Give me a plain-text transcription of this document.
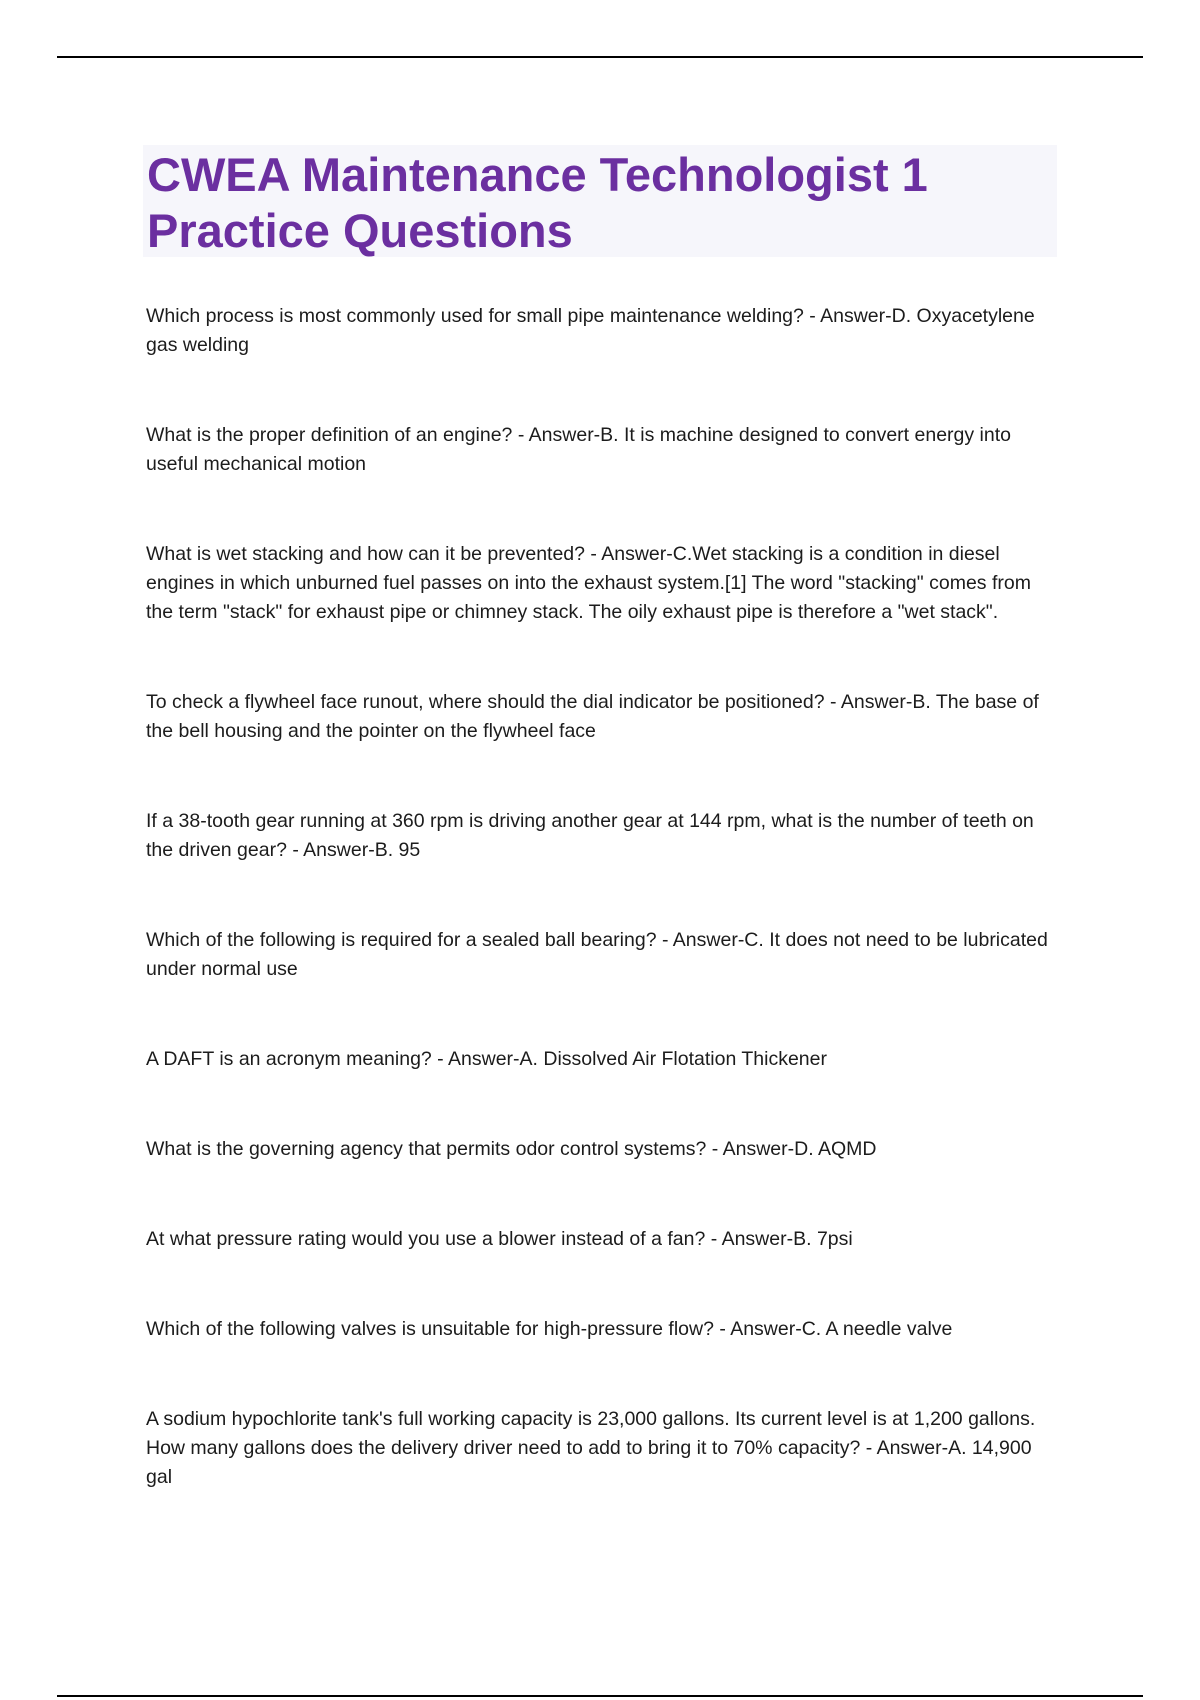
CWEA Maintenance Technologist 1 Practice Questions

Which process is most commonly used for small pipe maintenance welding? - Answer-D. Oxyacetylene gas welding

What is the proper definition of an engine? - Answer-B. It is machine designed to convert energy into useful mechanical motion

What is wet stacking and how can it be prevented? - Answer-C.Wet stacking is a condition in diesel engines in which unburned fuel passes on into the exhaust system.[1] The word "stacking" comes from the term "stack" for exhaust pipe or chimney stack. The oily exhaust pipe is therefore a "wet stack".

To check a flywheel face runout, where should the dial indicator be positioned? - Answer-B. The base of the bell housing and the pointer on the flywheel face

If a 38-tooth gear running at 360 rpm is driving another gear at 144 rpm, what is the number of teeth on the driven gear? - Answer-B. 95

Which of the following is required for a sealed ball bearing? - Answer-C. It does not need to be lubricated under normal use

A DAFT is an acronym meaning? - Answer-A. Dissolved Air Flotation Thickener

What is the governing agency that permits odor control systems? - Answer-D. AQMD

At what pressure rating would you use a blower instead of a fan? - Answer-B. 7psi

Which of the following valves is unsuitable for high-pressure flow? - Answer-C. A needle valve

A sodium hypochlorite tank's full working capacity is 23,000 gallons. Its current level is at 1,200 gallons. How many gallons does the delivery driver need to add to bring it to 70% capacity? - Answer-A. 14,900 gal
